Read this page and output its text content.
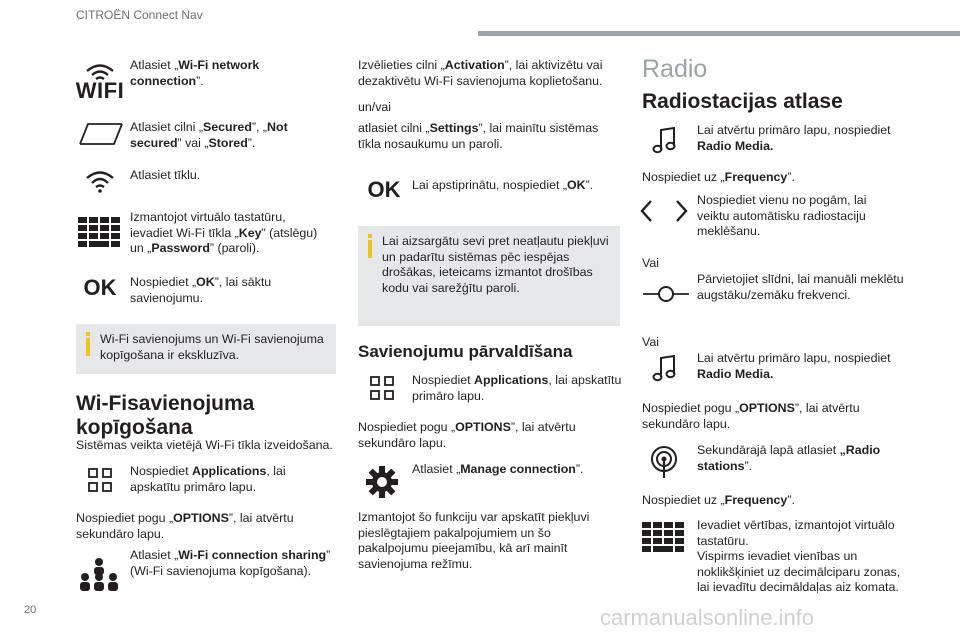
CITROËN Connect Nav
WIFI
Atlasiet „Wi-Fi network connection”.
Atlasiet cilni „Secured”, „Not secured” vai „Stored”.
Atlasiet tīklu.
Izmantojot virtuālo tastatūru, ievadiet Wi-Fi tīkla „Key” (atslēgu) un „Password” (paroli).
OK Nospiediet „OK”, lai sāktu savienojumu.
Wi-Fi savienojums un Wi-Fi savienojuma kopīgošana ir ekskluzīva.
Wi-Fisavienojuma kopīgošana
Sistēmas veikta vietējā Wi-Fi tīkla izveidošana.
Nospiediet Applications, lai apskatītu primāro lapu.
Nospiediet pogu „OPTIONS”, lai atvērtu sekundāro lapu.
Atlasiet „Wi-Fi connection sharing” (Wi-Fi savienojuma kopīgošana).
Izvēlieties cilni „Activation”, lai aktivizētu vai dezaktivētu Wi-Fi savienojuma koplietošanu.
un/vai
atlasiet cilni „Settings”, lai mainītu sistēmas tīkla nosaukumu un paroli.
OK Lai apstiprinātu, nospiediet „OK”.
Lai aizsargātu sevi pret neatļautu piekļuvi un padarītu sistēmas pēc iespējas drošākas, ieteicams izmantot drošības kodu vai sarežģītu paroli.
Savienojumu pārvaldīšana
Nospiediet Applications, lai apskatītu primāro lapu.
Nospiediet pogu „OPTIONS”, lai atvērtu sekundāro lapu.
Atlasiet „Manage connection”.
Izmantojot šo funkciju var apskatīt piekļuvi pieslēgtajiem pakalpojumiem un šo pakalpojumu pieejamību, kā arī mainīt savienojuma režīmu.
Radio
Radiostacijas atlase
Lai atvērtu primāro lapu, nospiediet Radio Media.
Nospiediet uz „Frequency”.
Nospiediet vienu no pogām, lai veiktu automātisku radiostaciju meklēšanu.
Vai
Pārvietojiet slīdni, lai manuāli meklētu augstāku/zemāku frekvenci.
Vai
Lai atvērtu primāro lapu, nospiediet Radio Media.
Nospiediet pogu „OPTIONS”, lai atvērtu sekundāro lapu.
Sekundārajā lapā atlasiet „Radio stations”.
Nospiediet uz „Frequency”.
Ievadiet vērtības, izmantojot virtuālo tastatūru.
Vispirms ievadiet vienības un noklikšķiniet uz decimālciparu zonas, lai ievadītu decimāldaļas aiz komata.
20	carmanualsonline.info
